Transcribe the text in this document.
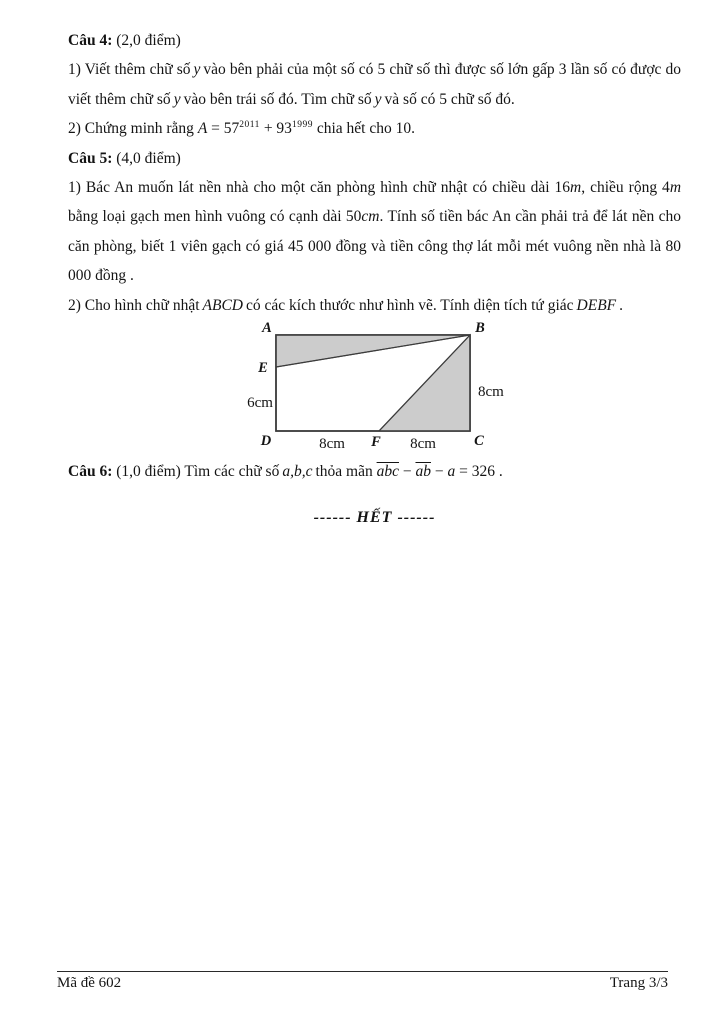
Câu 4: (2,0 điểm)

1) Viết thêm chữ số y vào bên phải của một số có 5 chữ số thì được số lớn gấp 3 lần số có được do viết thêm chữ số y vào bên trái số đó. Tìm chữ số y và số có 5 chữ số đó.

2) Chứng minh rằng $A = 57^{2011} + 93^{1999}$ chia hết cho 10.

Câu 5: (4,0 điểm)

1) Bác An muốn lát nền nhà cho một căn phòng hình chữ nhật có chiều dài 16m, chiều rộng 4m bằng loại gạch men hình vuông có cạnh dài 50cm. Tính số tiền bác An cần phải trả để lát nền cho căn phòng, biết 1 viên gạch có giá 45 000 đồng và tiền công thợ lát mỗi mét vuông nền nhà là 80 000 đồng .

2) Cho hình chữ nhật ABCD có các kích thước như hình vẽ. Tính diện tích tứ giác DEBF .

A	B
E
D	F	C
6cm
8cm
8cm	8cm

Câu 6: (1,0 điểm) Tìm các chữ số a,b,c thỏa mãn $\overline{abc} - \overline{ab} - a = 326$ .

------ HẾT ------

Mã đề 602	Trang 3/3
